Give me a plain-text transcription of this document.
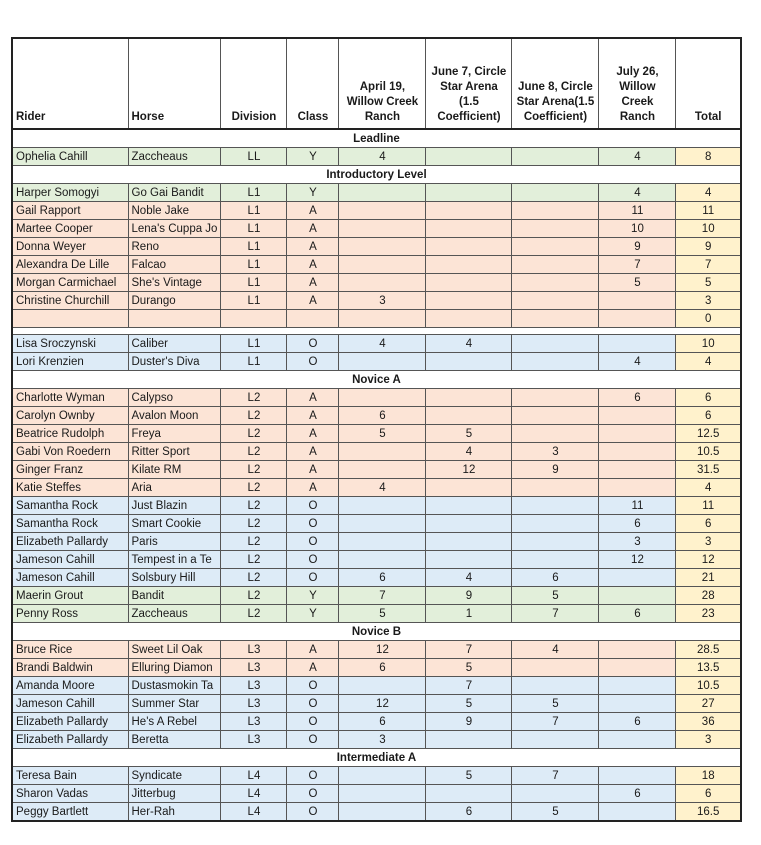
Rider	Horse	Division	Class	April 19, Willow Creek Ranch	June 7, Circle Star Arena (1.5 Coefficient)	June 8, Circle Star Arena(1.5 Coefficient)	July 26, Willow Creek Ranch	Total
Leadline								
Ophelia Cahill	Zaccheaus	LL	Y	4			4	8
Introductory Level								
Harper Somogyi	Go Gai Bandit	L1	Y				4	4
Gail Rapport	Noble Jake	L1	A				11	11
Martee Cooper	Lena's Cuppa Jo	L1	A				10	10
Donna Weyer	Reno	L1	A				9	9
Alexandra De Lille	Falcao	L1	A				7	7
Morgan Carmichael	She's Vintage	L1	A				5	5
Christine Churchill	Durango	L1	A	3				3
								0

Lisa Sroczynski	Caliber	L1	O	4	4			10
Lori Krenzien	Duster's Diva	L1	O				4	4
Novice A								
Charlotte Wyman	Calypso	L2	A				6	6
Carolyn Ownby	Avalon Moon	L2	A	6				6
Beatrice Rudolph	Freya	L2	A	5	5			12.5
Gabi Von Roedern	Ritter Sport	L2	A		4	3		10.5
Ginger Franz	Kilate RM	L2	A		12	9		31.5
Katie Steffes	Aria	L2	A	4				4
Samantha Rock	Just Blazin	L2	O				11	11
Samantha Rock	Smart Cookie	L2	O				6	6
Elizabeth Pallardy	Paris	L2	O				3	3
Jameson Cahill	Tempest in a Te	L2	O				12	12
Jameson Cahill	Solsbury Hill	L2	O	6	4	6		21
Maerin Grout	Bandit	L2	Y	7	9	5		28
Penny Ross	Zaccheaus	L2	Y	5	1	7	6	23
Novice B								
Bruce Rice	Sweet Lil Oak	L3	A	12	7	4		28.5
Brandi Baldwin	Elluring Diamon	L3	A	6	5			13.5
Amanda Moore	Dustasmokin Ta	L3	O		7			10.5
Jameson Cahill	Summer Star	L3	O	12	5	5		27
Elizabeth Pallardy	He's A Rebel	L3	O	6	9	7	6	36
Elizabeth Pallardy	Beretta	L3	O	3				3
Intermediate A								
Teresa Bain	Syndicate	L4	O		5	7		18
Sharon Vadas	Jitterbug	L4	O				6	6
Peggy Bartlett	Her-Rah	L4	O		6	5		16.5
